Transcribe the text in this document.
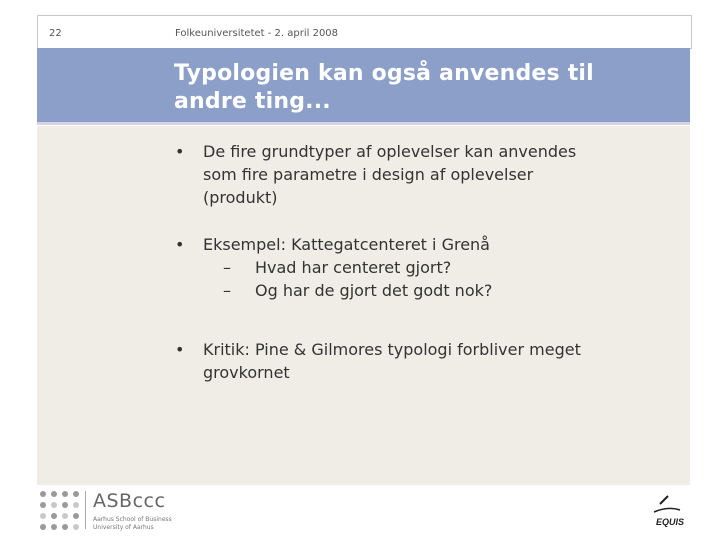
22	Folkeuniversitetet - 2. april 2008
Typologien kan også anvendes til
andre ting...
• De fire grundtyper af oplevelser kan anvendes
som fire parametre i design af oplevelser
(produkt)
• Eksempel: Kattegatcenteret i Grenå
– Hvad har centeret gjort?
– Og har de gjort det godt nok?
• Kritik: Pine & Gilmores typologi forbliver meget
grovkornet
ASBccc
Aarhus School of Business
University of Aarhus
EQUIS
